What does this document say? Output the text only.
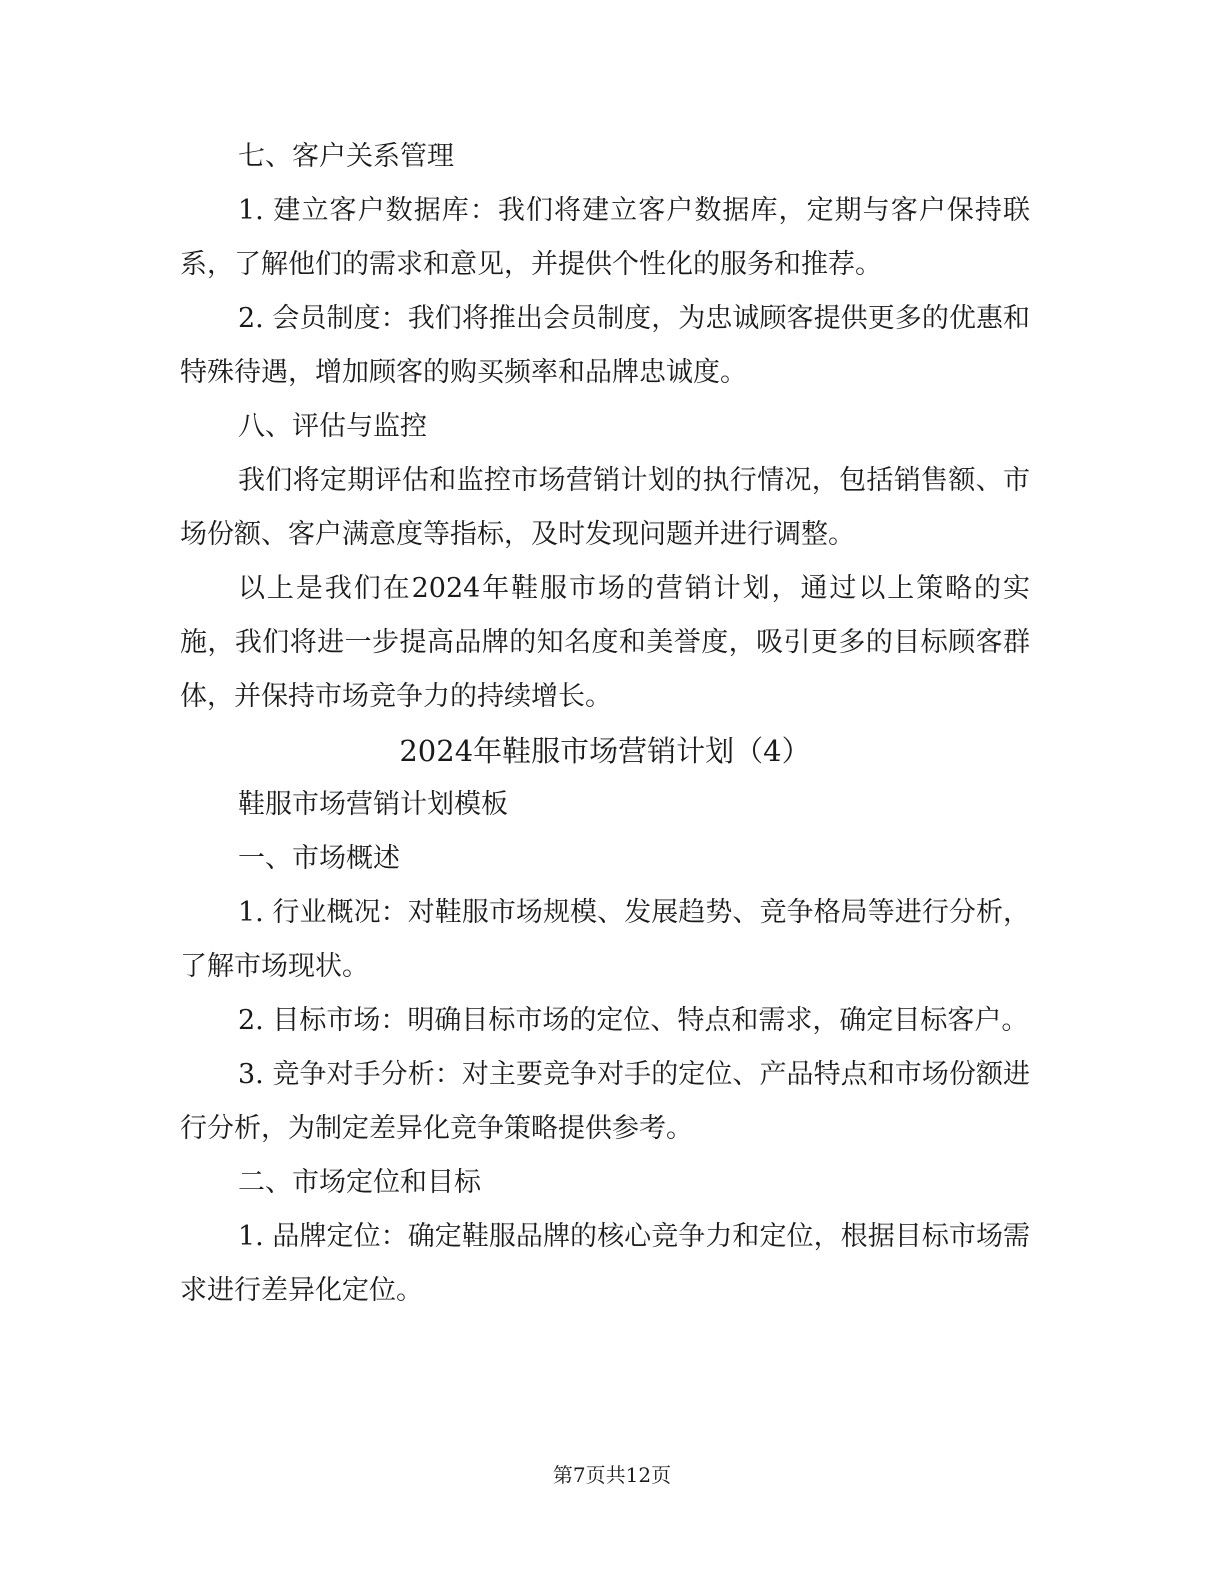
七、客户关系管理

1. 建立客户数据库：我们将建立客户数据库，定期与客户保持联系，了解他们的需求和意见，并提供个性化的服务和推荐。

2. 会员制度：我们将推出会员制度，为忠诚顾客提供更多的优惠和特殊待遇，增加顾客的购买频率和品牌忠诚度。

八、评估与监控

我们将定期评估和监控市场营销计划的执行情况，包括销售额、市场份额、客户满意度等指标，及时发现问题并进行调整。

以上是我们在2024年鞋服市场的营销计划，通过以上策略的实施，我们将进一步提高品牌的知名度和美誉度，吸引更多的目标顾客群体，并保持市场竞争力的持续增长。

2024年鞋服市场营销计划（4）

鞋服市场营销计划模板

一、市场概述

1. 行业概况：对鞋服市场规模、发展趋势、竞争格局等进行分析，了解市场现状。

2. 目标市场：明确目标市场的定位、特点和需求，确定目标客户。

3. 竞争对手分析：对主要竞争对手的定位、产品特点和市场份额进行分析，为制定差异化竞争策略提供参考。

二、市场定位和目标

1. 品牌定位：确定鞋服品牌的核心竞争力和定位，根据目标市场需求进行差异化定位。

第7页共12页
